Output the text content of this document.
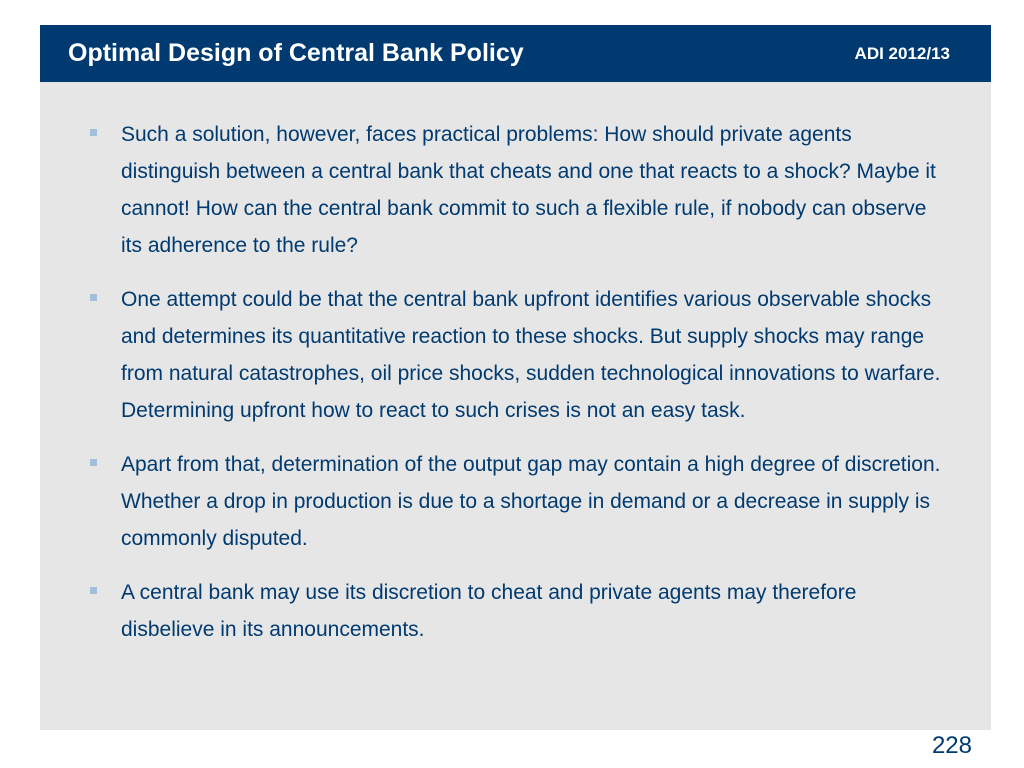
Optimal Design of Central Bank Policy	ADI 2012/13
Such a solution, however, faces practical problems: How should private agents distinguish between a central bank that cheats and one that reacts to a shock? Maybe it cannot! How can the central bank commit to such a flexible rule, if nobody can observe its adherence to the rule?
One attempt could be that the central bank upfront identifies various observable shocks and determines its quantitative reaction to these shocks. But supply shocks may range from natural catastrophes, oil price shocks, sudden technological innovations to warfare. Determining upfront how to react to such crises is not an easy task.
Apart from that, determination of the output gap may contain a high degree of discretion. Whether a drop in production is due to a shortage in demand or a decrease in supply is commonly disputed.
A central bank may use its discretion to cheat and private agents may therefore disbelieve in its announcements.
228
